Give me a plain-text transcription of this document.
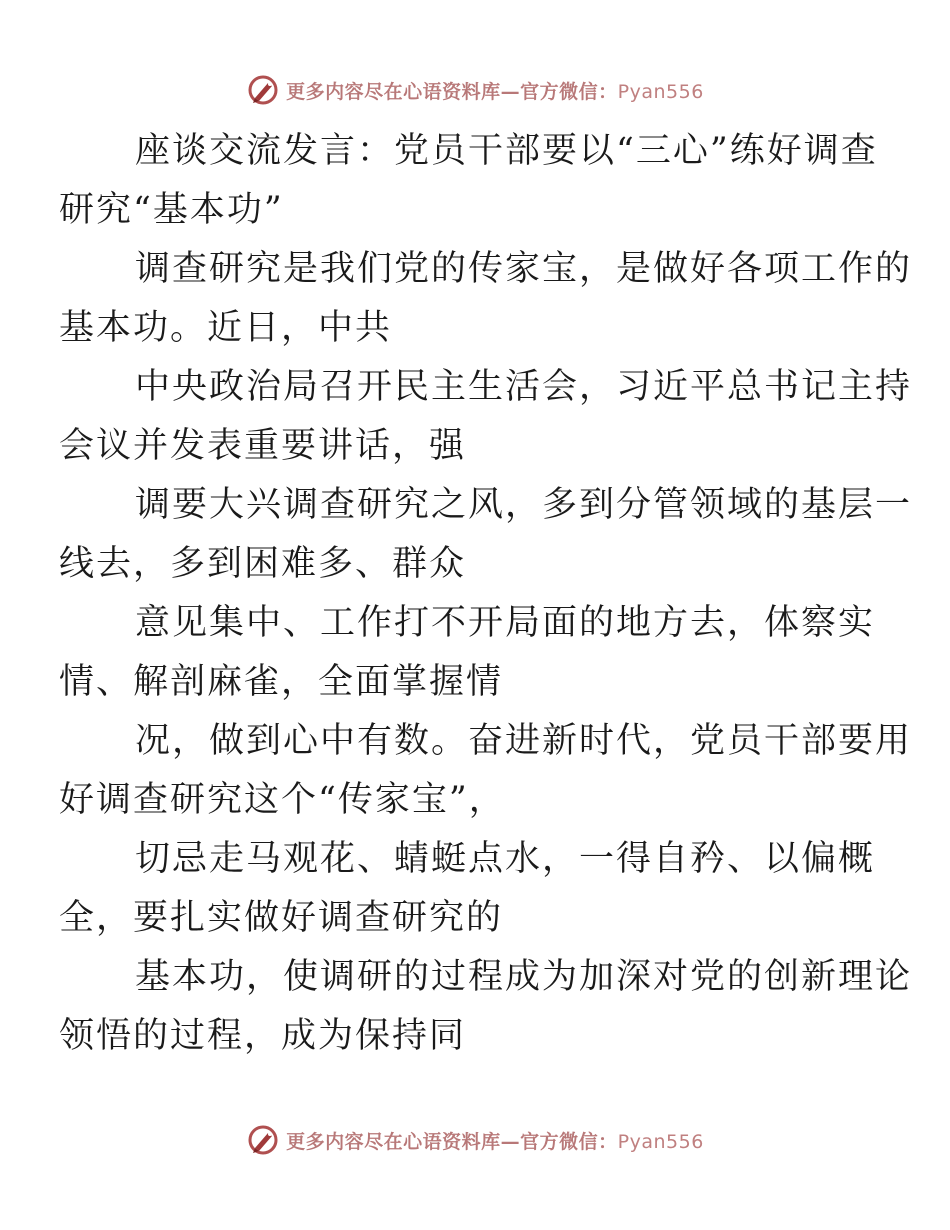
更多内容尽在心语资料库—官方微信：Pyan556

座谈交流发言：党员干部要以“三心”练好调查
研究“基本功”

调查研究是我们党的传家宝，是做好各项工作的
基本功。近日，中共

中央政治局召开民主生活会，习近平总书记主持
会议并发表重要讲话，强

调要大兴调查研究之风，多到分管领域的基层一
线去，多到困难多、群众

意见集中、工作打不开局面的地方去，体察实
情、解剖麻雀，全面掌握情

况，做到心中有数。奋进新时代，党员干部要用
好调查研究这个“传家宝”，

切忌走马观花、蜻蜓点水，一得自矜、以偏概
全，要扎实做好调查研究的

基本功，使调研的过程成为加深对党的创新理论
领悟的过程，成为保持同

更多内容尽在心语资料库—官方微信：Pyan556
